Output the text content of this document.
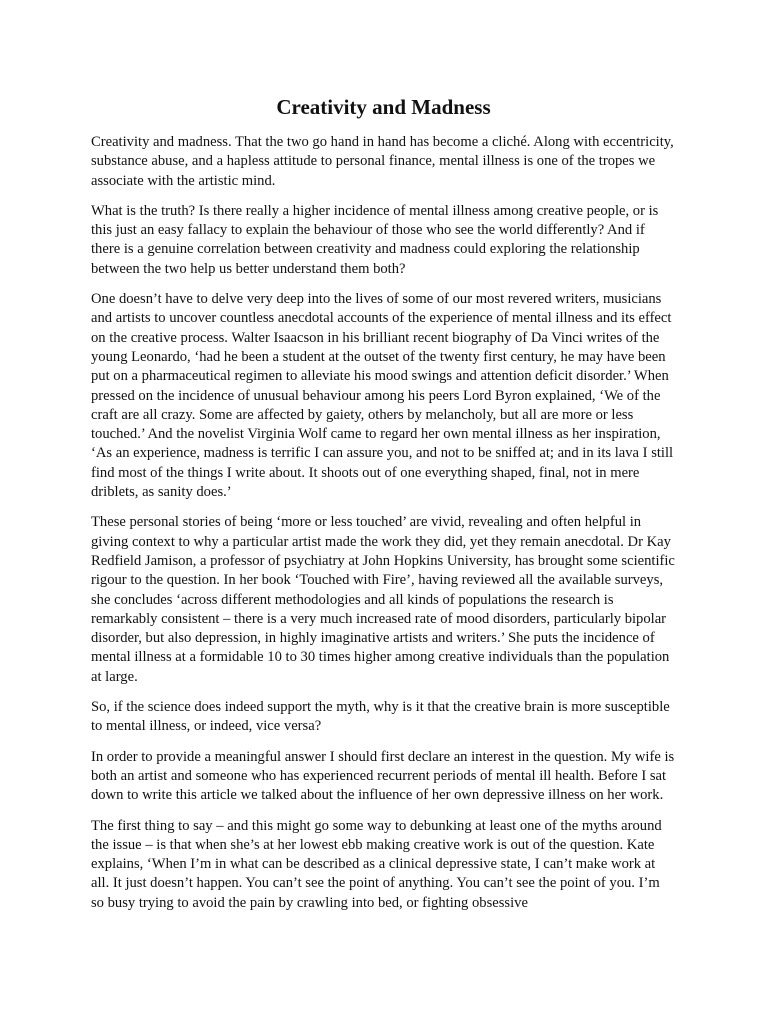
Creativity and Madness

Creativity and madness. That the two go hand in hand has become a cliché. Along with eccentricity, substance abuse, and a hapless attitude to personal finance, mental illness is one of the tropes we associate with the artistic mind.

What is the truth? Is there really a higher incidence of mental illness among creative people, or is this just an easy fallacy to explain the behaviour of those who see the world differently? And if there is a genuine correlation between creativity and madness could exploring the relationship between the two help us better understand them both?

One doesn’t have to delve very deep into the lives of some of our most revered writers, musicians and artists to uncover countless anecdotal accounts of the experience of mental illness and its effect on the creative process. Walter Isaacson in his brilliant recent biography of Da Vinci writes of the young Leonardo, ‘had he been a student at the outset of the twenty first century, he may have been put on a pharmaceutical regimen to alleviate his mood swings and attention deficit disorder.’ When pressed on the incidence of unusual behaviour among his peers Lord Byron explained, ‘We of the craft are all crazy. Some are affected by gaiety, others by melancholy, but all are more or less touched.’ And the novelist Virginia Wolf came to regard her own mental illness as her inspiration, ‘As an experience, madness is terrific I can assure you, and not to be sniffed at; and in its lava I still find most of the things I write about. It shoots out of one everything shaped, final, not in mere driblets, as sanity does.’

These personal stories of being ‘more or less touched’ are vivid, revealing and often helpful in giving context to why a particular artist made the work they did, yet they remain anecdotal. Dr Kay Redfield Jamison, a professor of psychiatry at John Hopkins University, has brought some scientific rigour to the question. In her book ‘Touched with Fire’, having reviewed all the available surveys, she concludes ‘across different methodologies and all kinds of populations the research is remarkably consistent – there is a very much increased rate of mood disorders, particularly bipolar disorder, but also depression, in highly imaginative artists and writers.’ She puts the incidence of mental illness at a formidable 10 to 30 times higher among creative individuals than the population at large.

So, if the science does indeed support the myth, why is it that the creative brain is more susceptible to mental illness, or indeed, vice versa?

In order to provide a meaningful answer I should first declare an interest in the question. My wife is both an artist and someone who has experienced recurrent periods of mental ill health. Before I sat down to write this article we talked about the influence of her own depressive illness on her work.

The first thing to say – and this might go some way to debunking at least one of the myths around the issue – is that when she’s at her lowest ebb making creative work is out of the question. Kate explains, ‘When I’m in what can be described as a clinical depressive state, I can’t make work at all. It just doesn’t happen. You can’t see the point of anything. You can’t see the point of you. I’m so busy trying to avoid the pain by crawling into bed, or fighting obsessive
